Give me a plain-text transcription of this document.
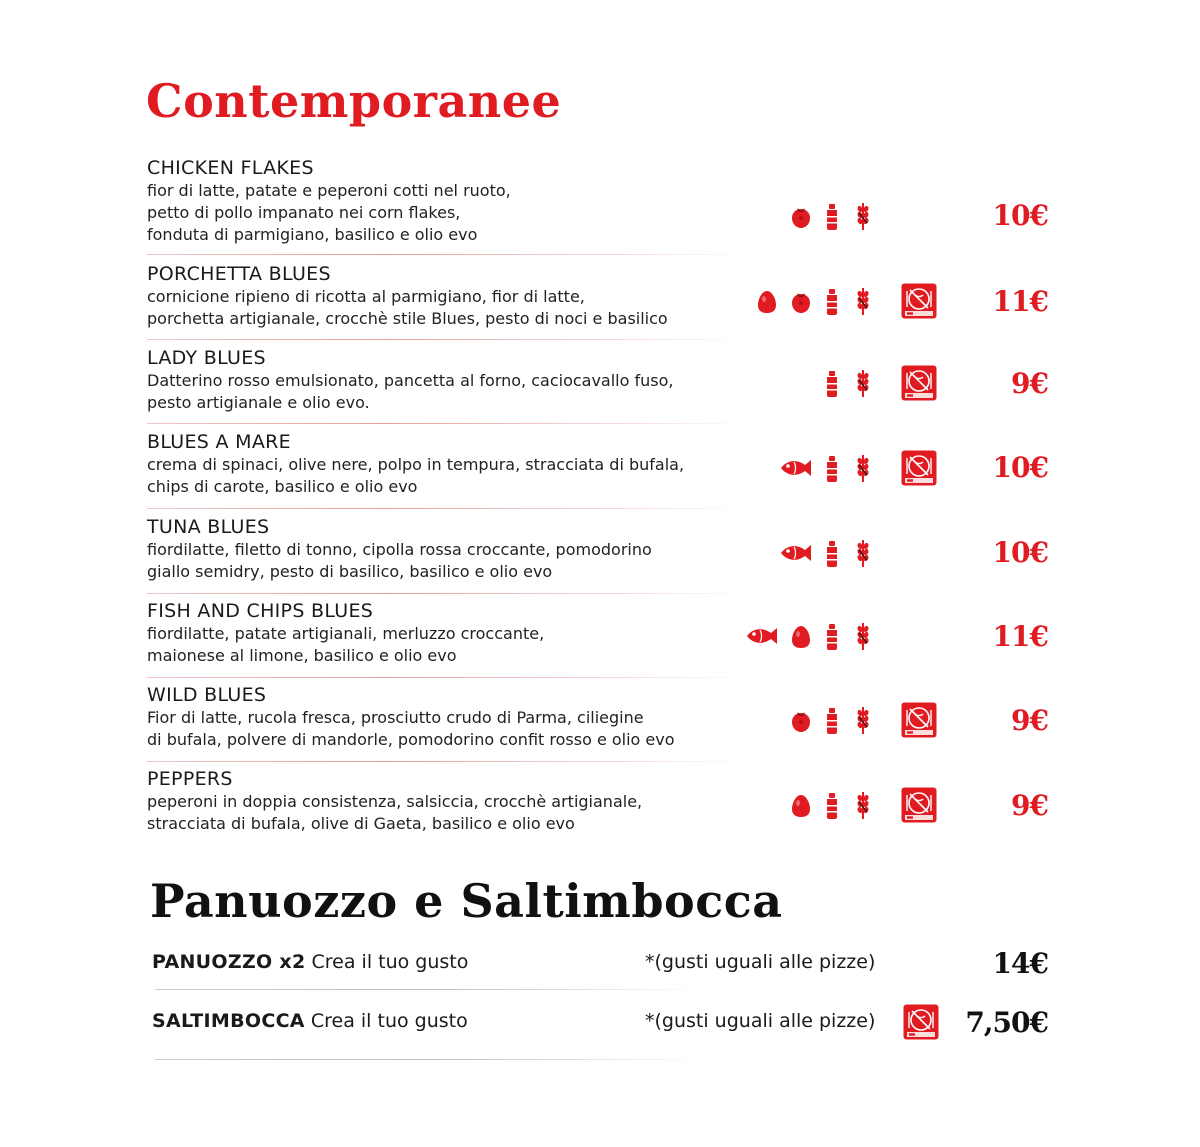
Contemporanee
CHICKEN FLAKES
fior di latte, patate e peperoni cotti nel ruoto,
petto di pollo impanato nei corn flakes,
fonduta di parmigiano, basilico e olio evo
10€
PORCHETTA BLUES
cornicione ripieno di ricotta al parmigiano, fior di latte,
porchetta artigianale, crocchè stile Blues, pesto di noci e basilico
11€
LADY BLUES
Datterino rosso emulsionato, pancetta al forno, caciocavallo fuso,
pesto artigianale e olio evo.
9€
BLUES A MARE
crema di spinaci, olive nere, polpo in tempura, stracciata di bufala,
chips di carote, basilico e olio evo
10€
TUNA BLUES
fiordilatte, filetto di tonno, cipolla rossa croccante, pomodorino
giallo semidry, pesto di basilico, basilico e olio evo
10€
FISH AND CHIPS BLUES
fiordilatte, patate artigianali, merluzzo croccante,
maionese al limone, basilico e olio evo
11€
WILD BLUES
Fior di latte, rucola fresca, prosciutto crudo di Parma, ciliegine
di bufala, polvere di mandorle, pomodorino confit rosso e olio evo
9€
PEPPERS
peperoni in doppia consistenza, salsiccia, crocchè artigianale,
stracciata di bufala, olive di Gaeta, basilico e olio evo
9€
Panuozzo e Saltimbocca
PANUOZZO x2 Crea il tuo gusto	*(gusti uguali alle pizze)	14€
SALTIMBOCCA Crea il tuo gusto	*(gusti uguali alle pizze)	7,50€
